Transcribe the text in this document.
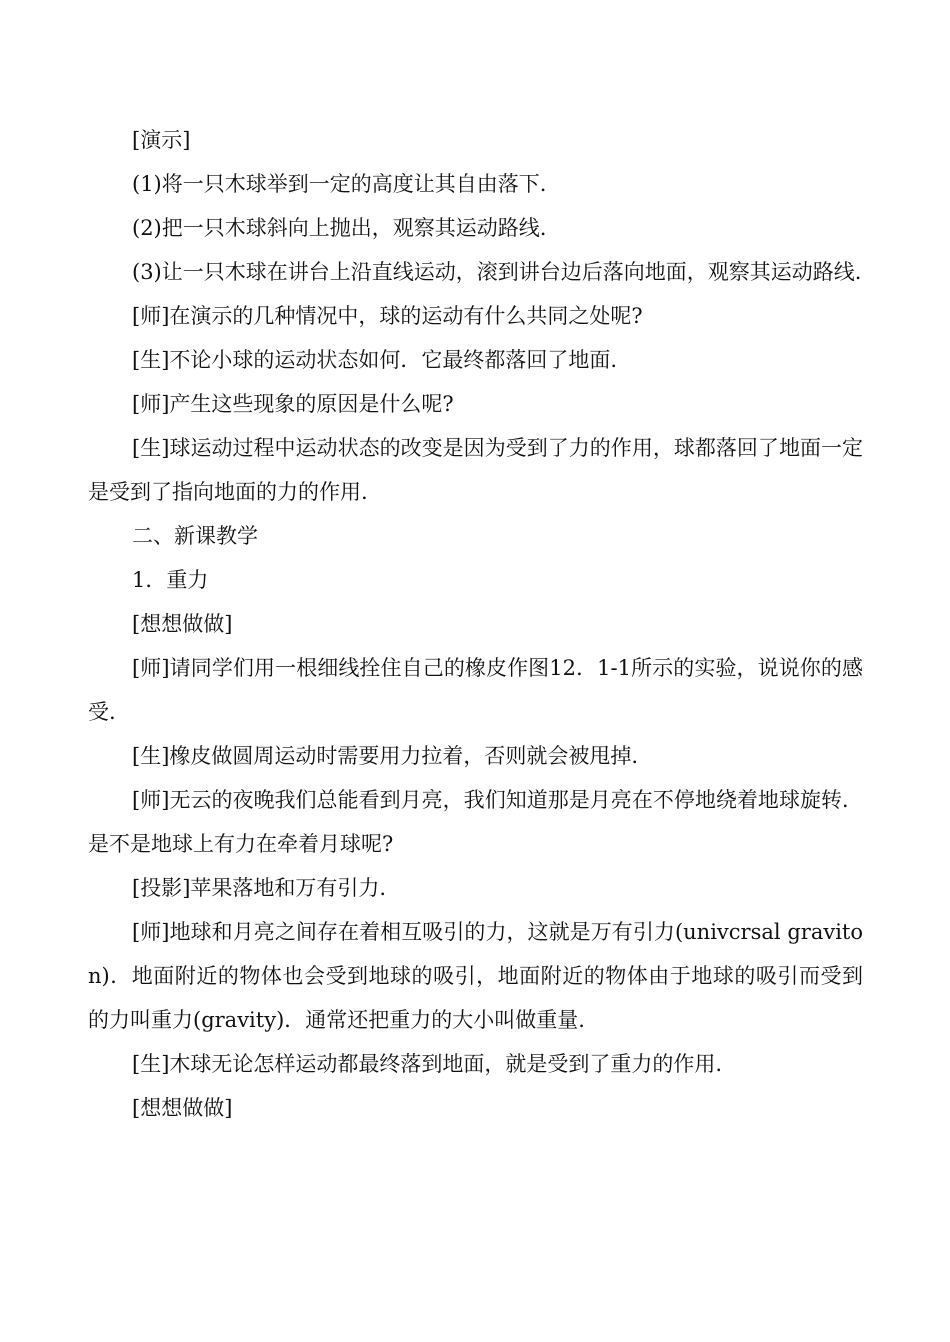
[演示]

(1)将一只木球举到一定的高度让其自由落下.

(2)把一只木球斜向上抛出，观察其运动路线.

(3)让一只木球在讲台上沿直线运动，滚到讲台边后落向地面，观察其运动路线.

[师]在演示的几种情况中，球的运动有什么共同之处呢?

[生]不论小球的运动状态如何．它最终都落回了地面.

[师]产生这些现象的原因是什么呢?

[生]球运动过程中运动状态的改变是因为受到了力的作用，球都落回了地面一定是受到了指向地面的力的作用.

二、新课教学

1．重力

[想想做做]

[师]请同学们用一根细线拴住自己的橡皮作图12．1-1所示的实验，说说你的感受.

[生]橡皮做圆周运动时需要用力拉着，否则就会被甩掉.

[师]无云的夜晚我们总能看到月亮，我们知道那是月亮在不停地绕着地球旋转．是不是地球上有力在牵着月球呢?

[投影]苹果落地和万有引力.

[师]地球和月亮之间存在着相互吸引的力，这就是万有引力(univcrsal graviton)．地面附近的物体也会受到地球的吸引，地面附近的物体由于地球的吸引而受到的力叫重力(gravity)．通常还把重力的大小叫做重量.

[生]木球无论怎样运动都最终落到地面，就是受到了重力的作用.

[想想做做]
